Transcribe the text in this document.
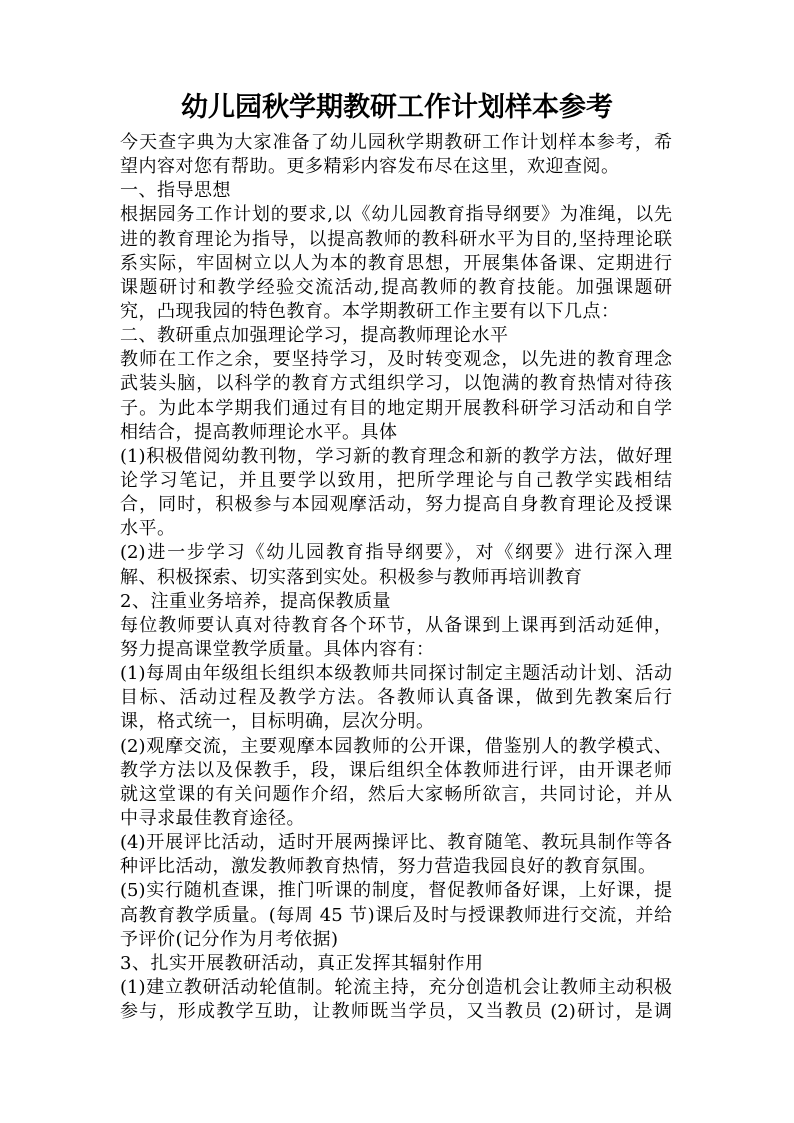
幼儿园秋学期教研工作计划样本参考
今天查字典为大家准备了幼儿园秋学期教研工作计划样本参考，希
望内容对您有帮助。更多精彩内容发布尽在这里，欢迎查阅。
一、指导思想
根据园务工作计划的要求,以《幼儿园教育指导纲要》为准绳，以先
进的教育理论为指导，以提高教师的教科研水平为目的,坚持理论联
系实际，牢固树立以人为本的教育思想，开展集体备课、定期进行
课题研讨和教学经验交流活动,提高教师的教育技能。加强课题研
究，凸现我园的特色教育。本学期教研工作主要有以下几点：
二、教研重点加强理论学习，提高教师理论水平
教师在工作之余，要坚持学习，及时转变观念，以先进的教育理念
武装头脑，以科学的教育方式组织学习，以饱满的教育热情对待孩
子。为此本学期我们通过有目的地定期开展教科研学习活动和自学
相结合，提高教师理论水平。具体
(1)积极借阅幼教刊物，学习新的教育理念和新的教学方法，做好理
论学习笔记，并且要学以致用，把所学理论与自己教学实践相结
合，同时，积极参与本园观摩活动，努力提高自身教育理论及授课
水平。
(2)进一步学习《幼儿园教育指导纲要》，对《纲要》进行深入理
解、积极探索、切实落到实处。积极参与教师再培训教育
2、注重业务培养，提高保教质量
每位教师要认真对待教育各个环节，从备课到上课再到活动延伸，
努力提高课堂教学质量。具体内容有：
(1)每周由年级组长组织本级教师共同探讨制定主题活动计划、活动
目标、活动过程及教学方法。各教师认真备课，做到先教案后行
课，格式统一，目标明确，层次分明。
(2)观摩交流，主要观摩本园教师的公开课，借鉴别人的教学模式、
教学方法以及保教手，段，课后组织全体教师进行评，由开课老师
就这堂课的有关问题作介绍，然后大家畅所欲言，共同讨论，并从
中寻求最佳教育途径。
(4)开展评比活动，适时开展两操评比、教育随笔、教玩具制作等各
种评比活动，激发教师教育热情，努力营造我园良好的教育氛围。
(5)实行随机查课，推门听课的制度，督促教师备好课，上好课，提
高教育教学质量。(每周 45 节)课后及时与授课教师进行交流，并给
予评价(记分作为月考依据)
3、扎实开展教研活动，真正发挥其辐射作用
(1)建立教研活动轮值制。轮流主持，充分创造机会让教师主动积极
参与，形成教学互助，让教师既当学员，又当教员 (2)研讨，是调
